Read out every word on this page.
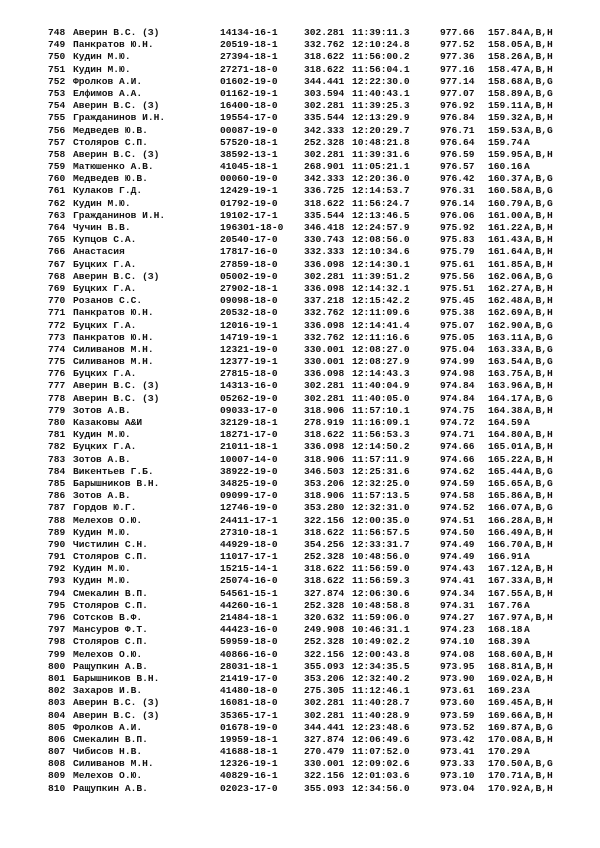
748 Аверин В.С. (З)	14134-16-1	302.281 11:39:11.3	977.66 157.84 A,B,H
749 Панкратов Ю.Н.	20519-18-1	332.762 12:10:24.8	977.52 158.05 A,B,H
750 Кудин М.Ю.	27394-18-1	318.622 11:56:00.2	977.36 158.26 A,B,H
751 Кудин М.Ю.	27271-18-0	318.622 11:56:04.1	977.16 158.47 A,B,H
752 Фролков А.И.	01602-19-0	344.441 12:22:30.0	977.14 158.68 A,B,G
753 Елфимов А.А.	01162-19-1	303.594 11:40:43.1	977.07 158.89 A,B,G
754 Аверин В.С. (З)	16400-18-0	302.281 11:39:25.3	976.92 159.11 A,B,H
755 Гражданинов И.Н.	19554-17-0	335.544 12:13:29.9	976.84 159.32 A,B,H
756 Медведев Ю.В.	00087-19-0	342.333 12:20:29.7	976.71 159.53 A,B,G
757 Столяров С.П.	57520-18-1	252.328 10:48:21.8	976.64 159.74 A
758 Аверин В.С. (З)	38592-13-1	302.281 11:39:31.6	976.59 159.95 A,B,H
759 Матюшенко А.В.	41045-18-1	268.901 11:05:21.1	976.57 160.16 A
760 Медведев Ю.В.	00060-19-0	342.333 12:20:36.0	976.42 160.37 A,B,G
761 Кулаков Г.Д.	12429-19-1	336.725 12:14:53.7	976.31 160.58 A,B,G
762 Кудин М.Ю.	01792-19-0	318.622 11:56:24.7	976.14 160.79 A,B,G
763 Гражданинов И.Н.	19102-17-1	335.544 12:13:46.5	976.06 161.00 A,B,H
764 Чучин В.В.	196301-18-0 346.418 12:24:57.9	975.92 161.22 A,B,H
765 Купцов С.А.	20540-17-0	330.743 12:08:56.0	975.83 161.43 A,B,H
766 Анастасия	17817-16-0	332.333 12:10:34.6	975.79 161.64 A,B,H
767 Буцких Г.А.	27859-18-0	336.098 12:14:30.1	975.61 161.85 A,B,H
768 Аверин В.С. (З)	05002-19-0	302.281 11:39:51.2	975.56 162.06 A,B,G
769 Буцких Г.А.	27902-18-1	336.098 12:14:32.1	975.51 162.27 A,B,H
770 Розанов С.С.	09098-18-0	337.218 12:15:42.2	975.45 162.48 A,B,H
771 Панкратов Ю.Н.	20532-18-0	332.762 12:11:09.6	975.38 162.69 A,B,H
772 Буцких Г.А.	12016-19-1	336.098 12:14:41.4	975.07 162.90 A,B,G
773 Панкратов Ю.Н.	14719-19-1	332.762 12:11:16.6	975.05 163.11 A,B,G
774 Силиванов М.Н.	12321-19-0	330.001 12:08:27.0	975.04 163.33 A,B,G
775 Силиванов М.Н.	12377-19-1	330.001 12:08:27.9	974.99 163.54 A,B,G
776 Буцких Г.А.	27815-18-0	336.098 12:14:43.3	974.98 163.75 A,B,H
777 Аверин В.С. (З)	14313-16-0	302.281 11:40:04.9	974.84 163.96 A,B,H
778 Аверин В.С. (З)	05262-19-0	302.281 11:40:05.0	974.84 164.17 A,B,G
779 Зотов А.В.	09033-17-0	318.906 11:57:10.1	974.75 164.38 A,B,H
780 Казаковы А&И	32129-18-1	278.919 11:16:09.1	974.72 164.59 A
781 Кудин М.Ю.	18271-17-0	318.622 11:56:53.3	974.71 164.80 A,B,H
782 Буцких Г.А.	21011-18-1	336.098 12:14:50.2	974.66 165.01 A,B,H
783 Зотов А.В.	10007-14-0	318.906 11:57:11.9	974.66 165.22 A,B,H
784 Викентьев Г.Б.	38922-19-0	346.503 12:25:31.6	974.62 165.44 A,B,G
785 Барышников В.Н.	34825-19-0	353.206 12:32:25.0	974.59 165.65 A,B,G
786 Зотов А.В.	09099-17-0	318.906 11:57:13.5	974.58 165.86 A,B,H
787 Гордов Ю.Г.	12746-19-0	353.280 12:32:31.0	974.52 166.07 A,B,G
788 Мелехов О.Ю.	24411-17-1	322.156 12:00:35.0	974.51 166.28 A,B,H
789 Кудин М.Ю.	27310-18-1	318.622 11:56:57.5	974.50 166.49 A,B,H
790 Чистилин С.Н.	44929-18-0	354.256 12:33:31.7	974.49 166.70 A,B,H
791 Столяров С.П.	11017-17-1	252.328 10:48:56.0	974.49 166.91 A
792 Кудин М.Ю.	15215-14-1	318.622 11:56:59.0	974.43 167.12 A,B,H
793 Кудин М.Ю.	25074-16-0	318.622 11:56:59.3	974.41 167.33 A,B,H
794 Смекалин В.П.	54561-15-1	327.874 12:06:30.6	974.34 167.55 A,B,H
795 Столяров С.П.	44260-16-1	252.328 10:48:58.8	974.31 167.76 A
796 Сотсков В.Ф.	21484-18-1	320.632 11:59:06.0	974.27 167.97 A,B,H
797 Мансуров Ф.Т.	44423-16-0	249.908 10:46:31.1	974.23 168.18 A
798 Столяров С.П.	59959-18-0	252.328 10:49:02.2	974.10 168.39 A
799 Мелехов О.Ю.	40866-16-0	322.156 12:00:43.8	974.08 168.60 A,B,H
800 Ращупкин А.В.	28031-18-1	355.093 12:34:35.5	973.95 168.81 A,B,H
801 Барышников В.Н.	21419-17-0	353.206 12:32:40.2	973.90 169.02 A,B,H
802 Захаров И.В.	41480-18-0	275.305 11:12:46.1	973.61 169.23 A
803 Аверин В.С. (З)	16081-18-0	302.281 11:40:28.7	973.60 169.45 A,B,H
804 Аверин В.С. (З)	35365-17-1	302.281 11:40:28.9	973.59 169.66 A,B,H
805 Фролков А.И.	01678-19-0	344.441 12:23:48.6	973.52 169.87 A,B,G
806 Смекалин В.П.	19959-18-1	327.874 12:06:49.6	973.42 170.08 A,B,H
807 Чибисов Н.В.	41688-18-1	270.479 11:07:52.0	973.41 170.29 A
808 Силиванов М.Н.	12326-19-1	330.001 12:09:02.6	973.33 170.50 A,B,G
809 Мелехов О.Ю.	40829-16-1	322.156 12:01:03.6	973.10 170.71 A,B,H
810 Ращупкин А.В.	02023-17-0	355.093 12:34:56.0	973.04 170.92 A,B,H
